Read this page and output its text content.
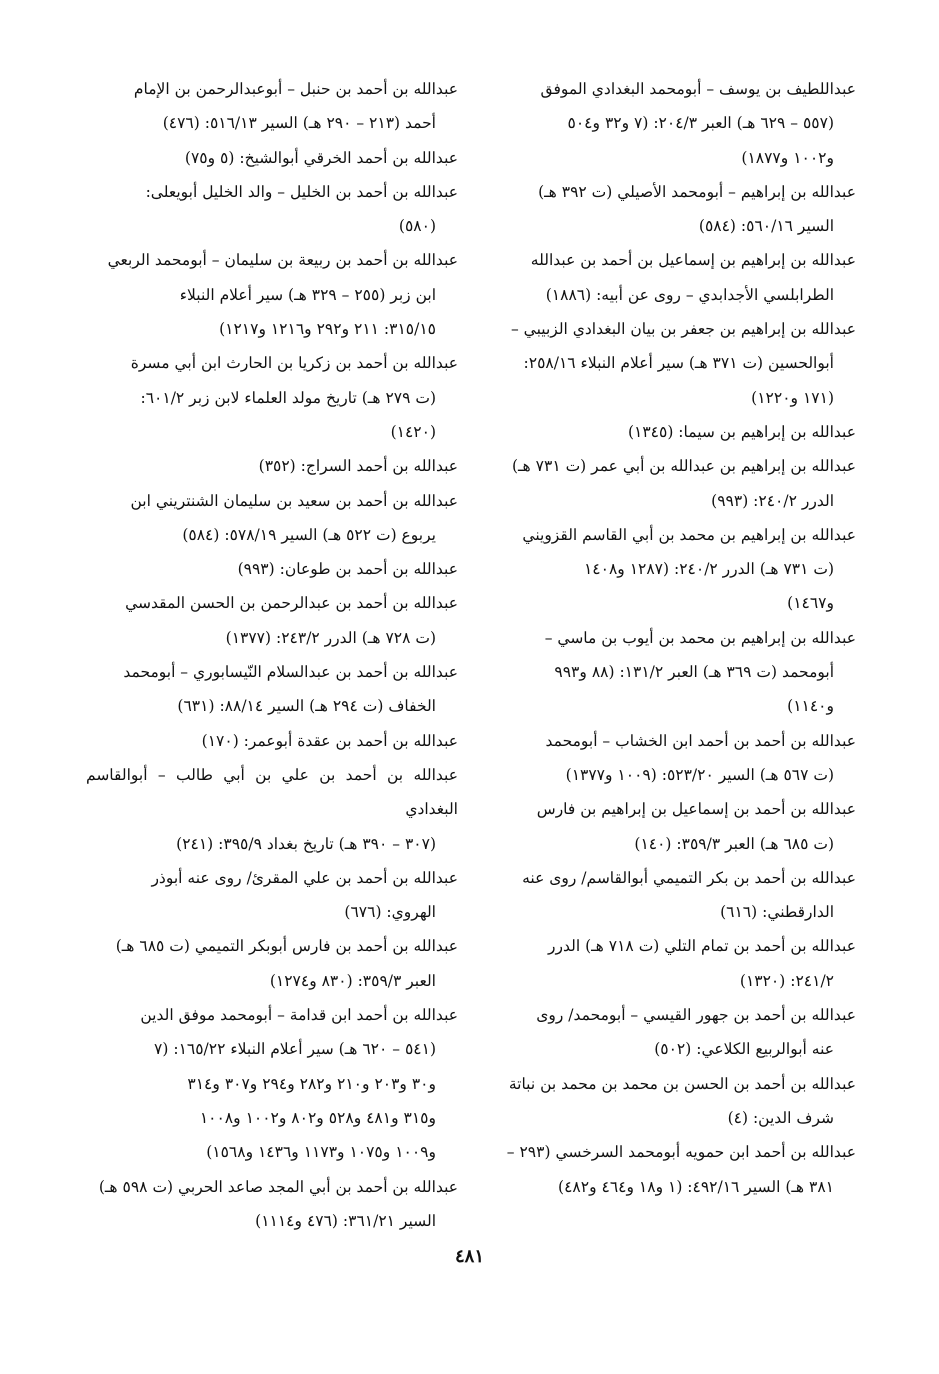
عبداللطيف بن يوسف – أبومحمد البغدادي الموفق
(٥٥٧ – ٦٢٩ هـ) العبر ٢٠٤/٣: (٧ و٣٢ و٥٠٤
و١٠٠٢ و١٨٧٧)
عبدالله بن إبراهيم – أبومحمد الأصيلي (ت ٣٩٢ هـ)
السير ٥٦٠/١٦: (٥٨٤)
عبدالله بن إبراهيم بن إسماعيل بن أحمد بن عبدالله
الطرابلسي الأجدابدي – روى عن أبيه: (١٨٨٦)
عبدالله بن إبراهيم بن جعفر بن بيان البغدادي الزبيبي –
أبوالحسين (ت ٣٧١ هـ) سير أعلام النبلاء ٢٥٨/١٦:
(١٧١ و١٢٢٠)
عبدالله بن إبراهيم بن سيما: (١٣٤٥)
عبدالله بن إبراهيم بن عبدالله بن أبي عمر (ت ٧٣١ هـ)
الدرر ٢٤٠/٢: (٩٩٣)
عبدالله بن إبراهيم بن محمد بن أبي القاسم القزويني
(ت ٧٣١ هـ) الدرر ٢٤٠/٢: (١٢٨٧ و١٤٠٨
و١٤٦٧)
عبدالله بن إبراهيم بن محمد بن أيوب بن ماسي –
أبومحمد (ت ٣٦٩ هـ) العبر ١٣١/٢: (٨٨ و٩٩٣
و١١٤٠)
عبدالله بن أحمد بن أحمد ابن الخشاب – أبومحمد
(ت ٥٦٧ هـ) السير ٥٢٣/٢٠: (١٠٠٩ و١٣٧٧)
عبدالله بن أحمد بن إسماعيل بن إبراهيم بن فارس
(ت ٦٨٥ هـ) العبر ٣٥٩/٣: (١٤٠)
عبدالله بن أحمد بن بكر التميمي أبوالقاسم/ روى عنه
الدارقطني: (٦١٦)
عبدالله بن أحمد بن تمام التلي (ت ٧١٨ هـ) الدرر
٢٤١/٢: (١٣٢٠)
عبدالله بن أحمد بن جهور القيسي – أبومحمد/ روى
عنه أبوالربيع الكلاعي: (٥٠٢)
عبدالله بن أحمد بن الحسن بن محمد بن محمد بن نباتة
شرف الدين: (٤)
عبدالله بن أحمد ابن حمويه أبومحمد السرخسي (٢٩٣ –
٣٨١ هـ) السير ٤٩٢/١٦: (١ و١٨ و٤٦٤ و٤٨٢)
عبدالله بن أحمد بن حنبل – أبوعبدالرحمن بن الإمام
أحمد (٢١٣ – ٢٩٠ هـ) السير ٥١٦/١٣: (٤٧٦)
عبدالله بن أحمد الخرقي أبوالشيخ: (٥ و٧٥)
عبدالله بن أحمد بن الخليل – والد الخليل أبويعلى:
(٥٨٠)
عبدالله بن أحمد بن ربيعة بن سليمان – أبومحمد الربعي
ابن زبر (٢٥٥ – ٣٢٩ هـ) سير أعلام النبلاء
٣١٥/١٥: ٢١١ و٢٩٢ و١٢١٦ و١٢١٧)
عبدالله بن أحمد بن زكريا بن الحارث ابن أبي مسرة
(ت ٢٧٩ هـ) تاريخ مولد العلماء لابن زبر ٦٠١/٢:
(١٤٢٠)
عبدالله بن أحمد السراج: (٣٥٢)
عبدالله بن أحمد بن سعيد بن سليمان الشنتريني ابن
يربوع (ت ٥٢٢ هـ) السير ٥٧٨/١٩: (٥٨٤)
عبدالله بن أحمد بن طوعان: (٩٩٣)
عبدالله بن أحمد بن عبدالرحمن بن الحسن المقدسي
(ت ٧٢٨ هـ) الدرر ٢٤٣/٢: (١٣٧٧)
عبدالله بن أحمد بن عبدالسلام النّيسابوري – أبومحمد
الخفاف (ت ٢٩٤ هـ) السير ٨٨/١٤: (٦٣١)
عبدالله بن أحمد بن عقدة أبوعمر: (١٧٠)
عبدالله بن أحمد بن علي بن أبي طالب – أبوالقاسم البغدادي
(٣٠٧ – ٣٩٠ هـ) تاريخ بغداد ٣٩٥/٩: (٢٤١)
عبدالله بن أحمد بن علي المقرئ/ روى عنه أبوذر
الهروي: (٦٧٦)
عبدالله بن أحمد بن فارس أبوبكر التميمي (ت ٦٨٥ هـ)
العبر ٣٥٩/٣: (٨٣٠ و١٢٧٤)
عبدالله بن أحمد ابن قدامة – أبومحمد موفق الدين
(٥٤١ – ٦٢٠ هـ) سير أعلام النبلاء ١٦٥/٢٢: (٧
و٣٠ و٢٠٣ و٢١٠ و٢٨٢ و٢٩٤ و٣٠٧ و٣١٤
و٣١٥ و٤٨١ و٥٢٨ و٨٠٢ و١٠٠٢ و١٠٠٨
و١٠٠٩ و١٠٧٥ و١١٧٣ و١٤٣٦ و١٥٦٨)
عبدالله بن أحمد بن أبي المجد صاعد الحربي (ت ٥٩٨ هـ)
السير ٣٦١/٢١: (٤٧٦ و١١١٤)
٤٨١
